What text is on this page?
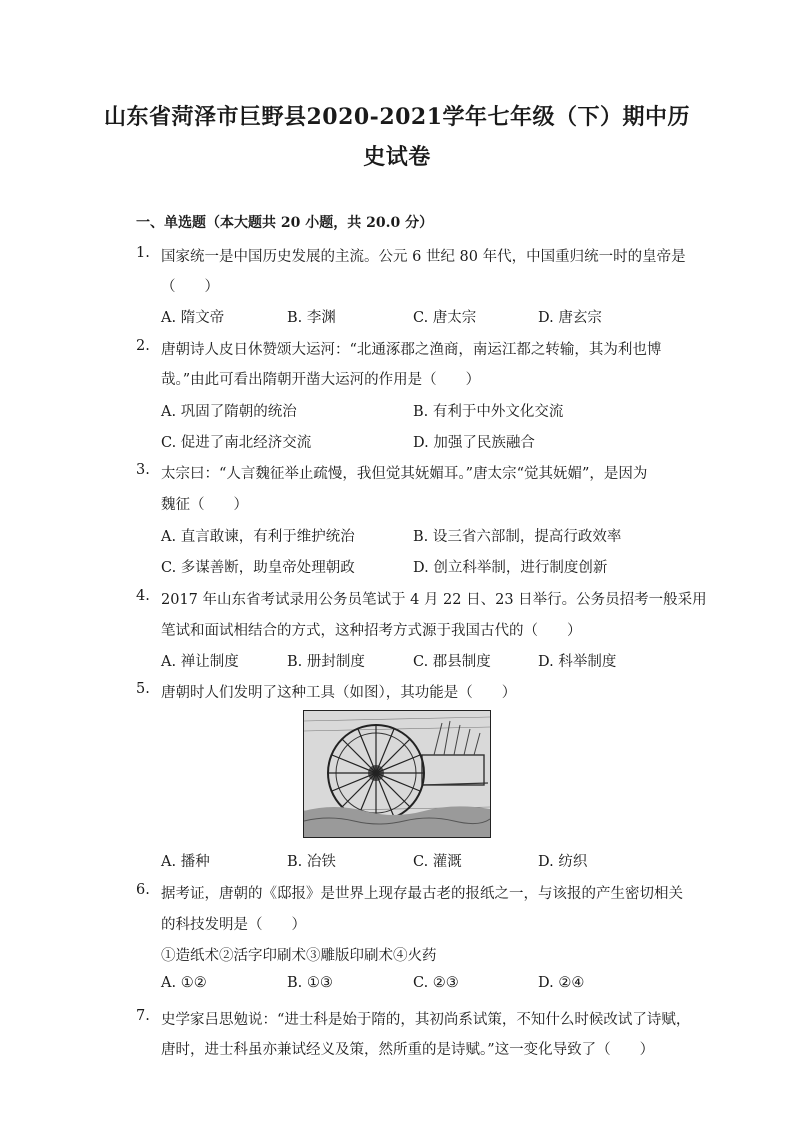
山东省菏泽市巨野县2020-2021学年七年级（下）期中历
史试卷
一、单选题（本大题共 20 小题，共 20.0 分）
1. 国家统一是中国历史发展的主流。公元 6 世纪 80 年代，中国重归统一时的皇帝是
（　　）
A. 隋文帝	B. 李渊	C. 唐太宗	D. 唐玄宗
2. 唐朝诗人皮日休赞颂大运河：“北通涿郡之渔商，南运江都之转输，其为利也博
哉。”由此可看出隋朝开凿大运河的作用是（　　）
A. 巩固了隋朝的统治	B. 有利于中外文化交流
C. 促进了南北经济交流	D. 加强了民族融合
3. 太宗曰：“人言魏征举止疏慢，我但觉其妩媚耳。”唐太宗“觉其妩媚”，是因为
魏征（　　）
A. 直言敢谏，有利于维护统治	B. 设三省六部制，提高行政效率
C. 多谋善断，助皇帝处理朝政	D. 创立科举制，进行制度创新
4. 2017 年山东省考试录用公务员笔试于 4 月 22 日、23 日举行。公务员招考一般采用
笔试和面试相结合的方式，这种招考方式源于我国古代的（　　）
A. 禅让制度	B. 册封制度	C. 郡县制度	D. 科举制度
5. 唐朝时人们发明了这种工具（如图），其功能是（　　）
A. 播种	B. 冶铁	C. 灌溉	D. 纺织
6. 据考证，唐朝的《邸报》是世界上现存最古老的报纸之一，与该报的产生密切相关
的科技发明是（　　）
①造纸术②活字印刷术③雕版印刷术④火药
A. ①②	B. ①③	C. ②③	D. ②④
7. 史学家吕思勉说：“进士科是始于隋的，其初尚系试策，不知什么时候改试了诗赋，
唐时，进士科虽亦兼试经义及策，然所重的是诗赋。”这一变化导致了（　　）
